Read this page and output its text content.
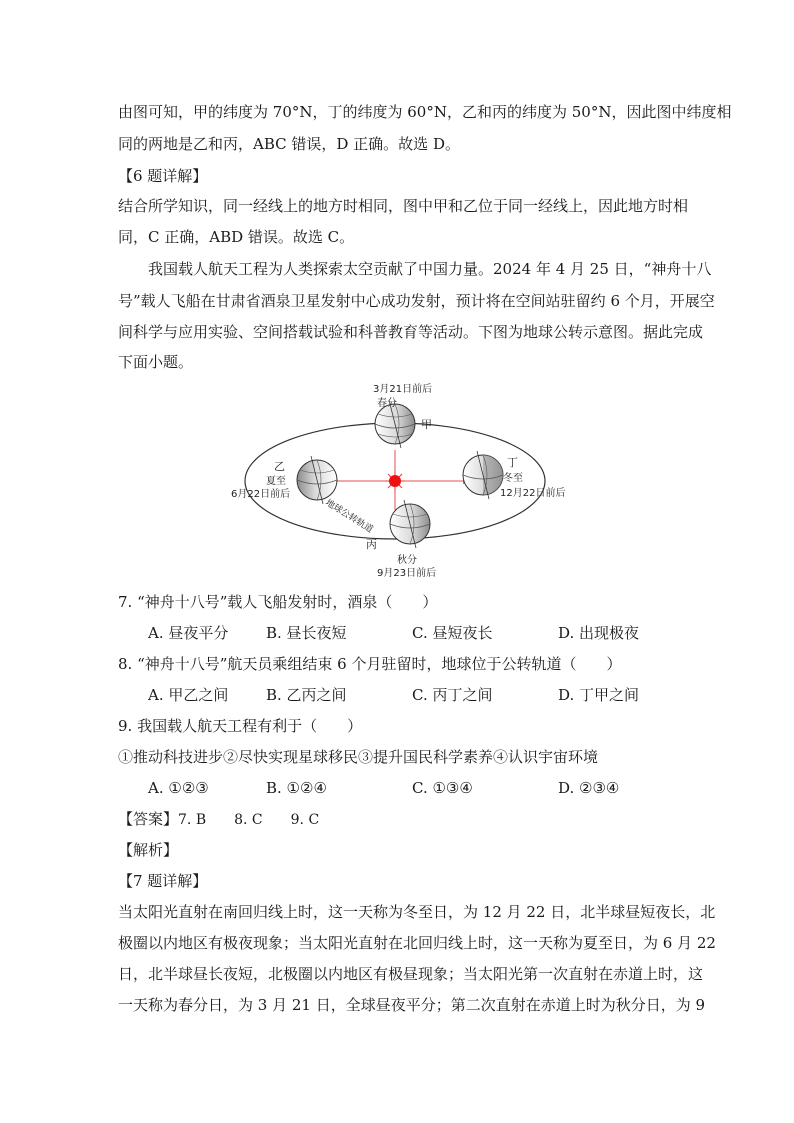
由图可知，甲的纬度为 70°N，丁的纬度为 60°N，乙和丙的纬度为 50°N，因此图中纬度相
同的两地是乙和丙，ABC 错误，D 正确。故选 D。
【6 题详解】
结合所学知识，同一经线上的地方时相同，图中甲和乙位于同一经线上，因此地方时相
同，C 正确，ABD 错误。故选 C。
我国载人航天工程为人类探索太空贡献了中国力量。2024 年 4 月 25 日，“神舟十八
号”载人飞船在甘肃省酒泉卫星发射中心成功发射，预计将在空间站驻留约 6 个月，开展空
间科学与应用实验、空间搭载试验和科普教育等活动。下图为地球公转示意图。据此完成
下面小题。
地球公转轨道
3月21日前后
春分
甲
乙
夏至
6月22日前后
丁
冬至
12月22日前后
丙
秋分
9月23日前后
7. “神舟十八号”载人飞船发射时，酒泉（　　）
A. 昼夜平分	B. 昼长夜短	C. 昼短夜长	D. 出现极夜
8. “神舟十八号”航天员乘组结束 6 个月驻留时，地球位于公转轨道（　　）
A. 甲乙之间	B. 乙丙之间	C. 丙丁之间	D. 丁甲之间
9. 我国载人航天工程有利于（　　）
①推动科技进步②尽快实现星球移民③提升国民科学素养④认识宇宙环境
A. ①②③	B. ①②④	C. ①③④	D. ②③④
【答案】7. B　　8. C　　9. C
【解析】
【7 题详解】
当太阳光直射在南回归线上时，这一天称为冬至日，为 12 月 22 日，北半球昼短夜长，北
极圈以内地区有极夜现象；当太阳光直射在北回归线上时，这一天称为夏至日，为 6 月 22
日，北半球昼长夜短，北极圈以内地区有极昼现象；当太阳光第一次直射在赤道上时，这
一天称为春分日，为 3 月 21 日，全球昼夜平分；第二次直射在赤道上时为秋分日，为 9
